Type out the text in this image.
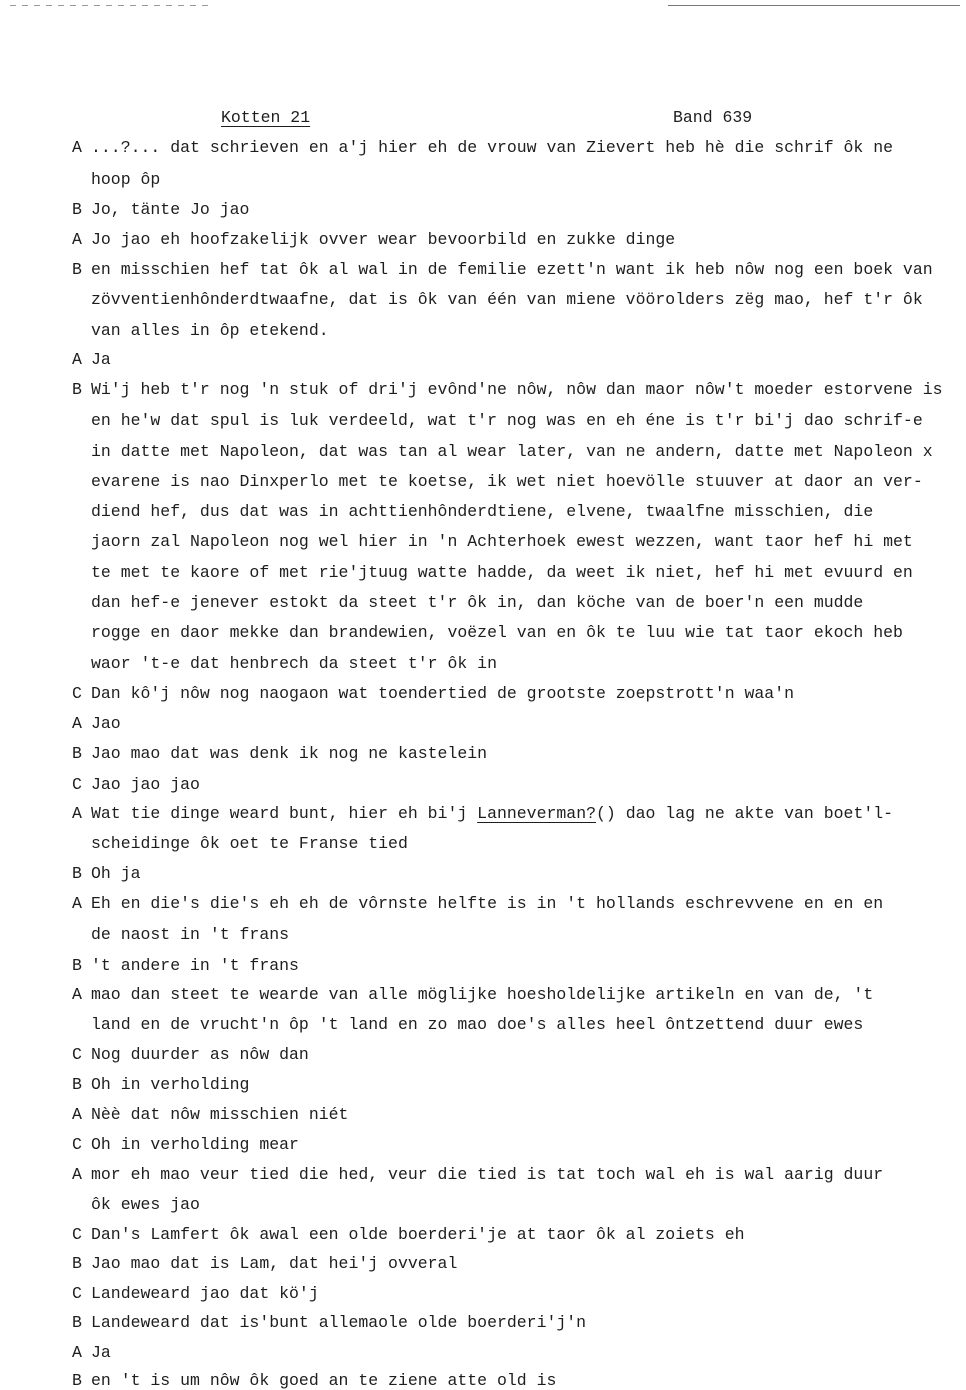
Kotten 21	Band 639
A ...?... dat schrieven en a'j hier eh de vrouw van Zievert heb hè die schrif ôk ne
hoop ôp
B Jo, tänte Jo jao
A Jo jao eh hoofzakelijk ovver wear bevoorbild en zukke dinge
B en misschien hef tat ôk al wal in de femilie ezett'n want ik heb nôw nog een boek van
zövventienhônderdtwaafne, dat is ôk van één van miene vöörolders zëg mao, hef t'r ôk
van alles in ôp etekend.
A Ja
B Wi'j heb t'r nog 'n stuk of dri'j evônd'ne nôw, nôw dan maor nôw't moeder estorvene is
en he'w dat spul is luk verdeeld, wat t'r nog was en eh éne is t'r bi'j dao schrif-e
in datte met Napoleon, dat was tan al wear later, van ne andern, datte met Napoleon x
evarene is nao Dinxperlo met te koetse, ik wet niet hoevölle stuuver at daor an ver-
diend hef, dus dat was in achttienhônderdtiene, elvene, twaalfne misschien, die
jaorn zal Napoleon nog wel hier in 'n Achterhoek ewest wezzen, want taor hef hi met
te met te kaore of met rie'jtuug watte hadde, da weet ik niet, hef hi met evuurd en
dan hef-e jenever estokt da steet t'r ôk in, dan köche van de boer'n een mudde
rogge en daor mekke dan brandewien, voëzel van en ôk te luu wie tat taor ekoch heb
waor 't-e dat henbrech da steet t'r ôk in
C Dan kô'j nôw nog naogaon wat toendertied de grootste zoepstrott'n waa'n
A Jao
B Jao mao dat was denk ik nog ne kastelein
C Jao jao jao
A Wat tie dinge weard bunt, hier eh bi'j Lanneverman?() dao lag ne akte van boet'l-
scheidinge ôk oet te Franse tied
B Oh ja
A Eh en die's die's eh eh de vôrnste helfte is in 't hollands eschrevvene en en en
de naost in 't frans
B 't andere in 't frans
A mao dan steet te wearde van alle möglijke hoesholdelijke artikeln en van de, 't
land en de vrucht'n ôp 't land en zo mao doe's alles heel ôntzettend duur ewes
C Nog duurder as nôw dan
B Oh in verholding
A Nèè dat nôw misschien niét
C Oh in verholding mear
A mor eh mao veur tied die hed, veur die tied is tat toch wal eh is wal aarig duur
ôk ewes jao
C Dan's Lamfert ôk awal een olde boerderi'je at taor ôk al zoiets eh
B Jao mao dat is Lam, dat hei'j ovveral
C Landeweard jao dat kö'j
B Landeweard dat is'bunt allemaole olde boerderi'j'n
A Ja
B en 't is um nôw ôk goed an te ziene atte old is
